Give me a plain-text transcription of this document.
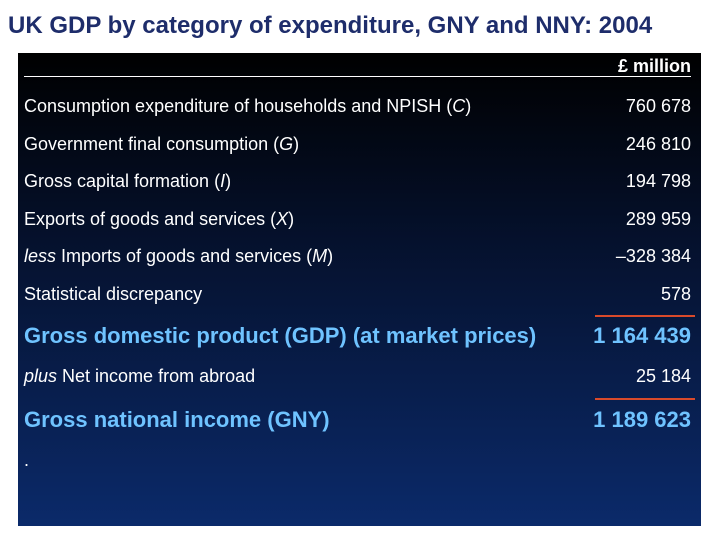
UK GDP by category of expenditure, GNY and NNY: 2004
£ million
Consumption expenditure of households and NPISH (C)	760 678
Government final consumption (G)	246 810
Gross capital formation (I)	194 798
Exports of goods and services (X)	289 959
less Imports of goods and services (M)	–328 384
Statistical discrepancy	578
Gross domestic product (GDP) (at market prices)	1 164 439
plus Net income from abroad	25 184
Gross national income (GNY)	1 189 623
.
